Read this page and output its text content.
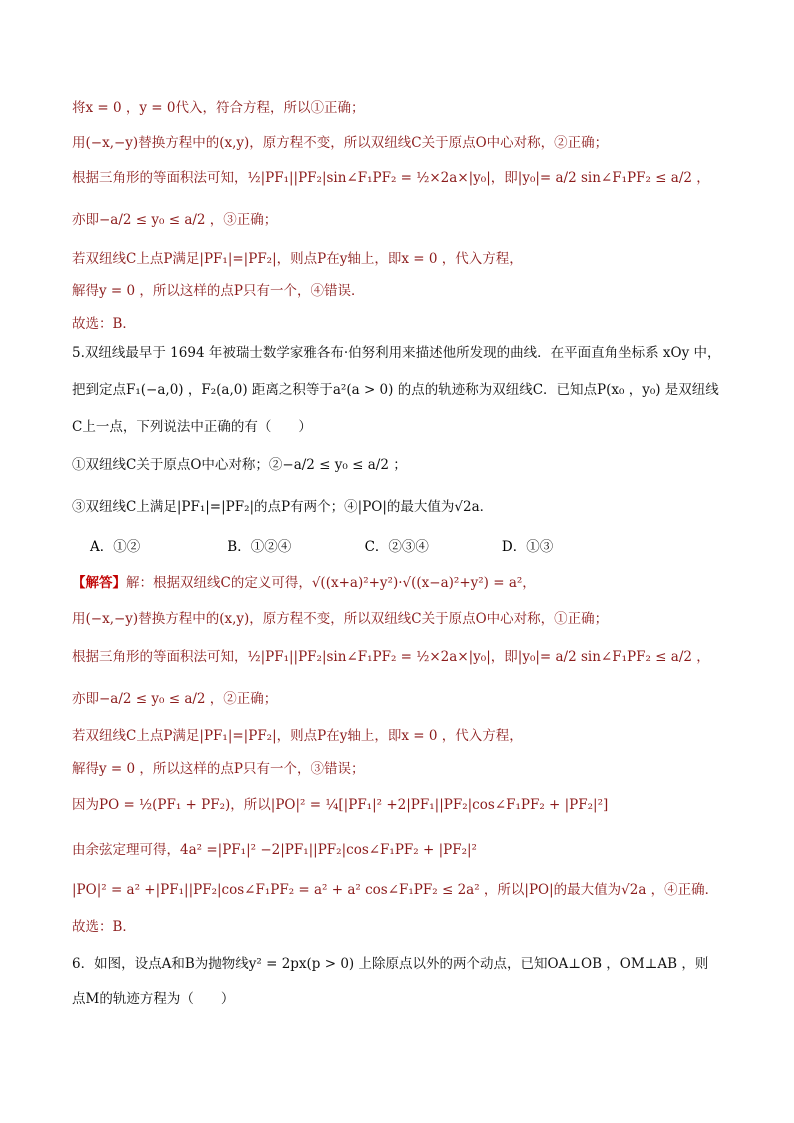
将x = 0 ，y = 0代入，符合方程，所以①正确；
用(−x,−y)替换方程中的(x,y)，原方程不变，所以双纽线C关于原点O中心对称，②正确；
根据三角形的等面积法可知，½|PF₁||PF₂|sin∠F₁PF₂ = ½×2a×|y₀|，即|y₀|= a/2 sin∠F₁PF₂ ≤ a/2 ，
亦即−a/2 ≤ y₀ ≤ a/2 ，③正确；
若双纽线C上点P满足|PF₁|=|PF₂|，则点P在y轴上，即x = 0 ，代入方程，
解得y = 0 ，所以这样的点P只有一个，④错误．
故选：B．
5.双纽线最早于 1694 年被瑞士数学家雅各布·伯努利用来描述他所发现的曲线．在平面直角坐标系 xOy 中，
把到定点F₁(−a,0) ，F₂(a,0) 距离之积等于a²(a > 0) 的点的轨迹称为双纽线C．已知点P(x₀ ，y₀) 是双纽线
C上一点，下列说法中正确的有（　　）
①双纽线C关于原点O中心对称；②−a/2 ≤ y₀ ≤ a/2 ；
③双纽线C上满足|PF₁|=|PF₂|的点P有两个；④|PO|的最大值为√2a．
A．①②	B．①②④	C．②③④	D．①③
【解答】解：根据双纽线C的定义可得，√((x+a)²+y²)·√((x−a)²+y²) = a²，
用(−x,−y)替换方程中的(x,y)，原方程不变，所以双纽线C关于原点O中心对称，①正确；
根据三角形的等面积法可知，½|PF₁||PF₂|sin∠F₁PF₂ = ½×2a×|y₀|，即|y₀|= a/2 sin∠F₁PF₂ ≤ a/2 ，
亦即−a/2 ≤ y₀ ≤ a/2 ，②正确；
若双纽线C上点P满足|PF₁|=|PF₂|，则点P在y轴上，即x = 0 ，代入方程，
解得y = 0 ，所以这样的点P只有一个，③错误；
因为PO = ½(PF₁ + PF₂)，所以|PO|² = ¼[|PF₁|² +2|PF₁||PF₂|cos∠F₁PF₂ + |PF₂|²]
由余弦定理可得，4a² =|PF₁|² −2|PF₁||PF₂|cos∠F₁PF₂ + |PF₂|²
|PO|² = a² +|PF₁||PF₂|cos∠F₁PF₂ = a² + a² cos∠F₁PF₂ ≤ 2a² ，所以|PO|的最大值为√2a ，④正确．
故选：B．
6．如图，设点A和B为抛物线y² = 2px(p > 0) 上除原点以外的两个动点，已知OA⊥OB ，OM⊥AB ，则
点M的轨迹方程为（　　）
